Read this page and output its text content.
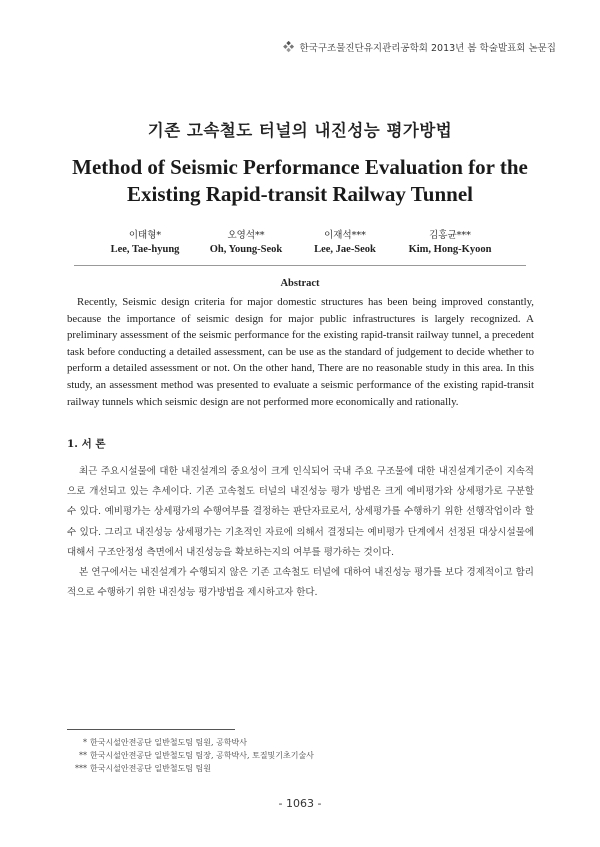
한국구조물진단유지관리공학회 2013년 봄 학술발표회 논문집
기존 고속철도 터널의 내진성능 평가방법
Method of Seismic Performance Evaluation for the Existing Rapid-transit Railway Tunnel
이태형*
Lee, Tae-hyung
오영석**
Oh, Young-Seok
이재석***
Lee, Jae-Seok
김홍균***
Kim, Hong-Kyoon
Abstract

Recently, Seismic design criteria for major domestic structures has been being improved constantly, because the importance of seismic design for major public infrastructures is largely recognized. A preliminary assessment of the seismic performance for the existing rapid-transit railway tunnel, a precedent task before conducting a detailed assessment, can be use as the standard of judgement to decide whether to perform a detailed assessment or not. On the other hand, There are no reasonable study in this area. In this study, an assessment method was presented to evaluate a seismic performance of the existing rapid-transit railway tunnels which seismic design are not performed more economically and rationally.

1. 서 론

최근 주요시설물에 대한 내진설계의 중요성이 크게 인식되어 국내 주요 구조물에 대한 내진설계기준이 지속적으로 개선되고 있는 추세이다. 기존 고속철도 터널의 내진성능 평가 방법은 크게 예비평가와 상세평가로 구분할 수 있다. 예비평가는 상세평가의 수행여부를 결정하는 판단자료로서, 상세평가를 수행하기 위한 선행작업이라 할 수 있다. 그리고 내진성능 상세평가는 기초적인 자료에 의해서 결정되는 예비평가 단계에서 선정된 대상시설물에 대해서 구조안정성 측면에서 내진성능을 확보하는지의 여부를 평가하는 것이다.

본 연구에서는 내진설계가 수행되지 않은 기존 고속철도 터널에 대하여 내진성능 평가를 보다 경제적이고 합리적으로 수행하기 위한 내진성능 평가방법을 제시하고자 한다.

* 한국시설안전공단 일반철도팀 팀원, 공학박사
** 한국시설안전공단 일반철도팀 팀장, 공학박사, 토질및기초기술사
*** 한국시설안전공단 일반철도팀 팀원
- 1063 -
